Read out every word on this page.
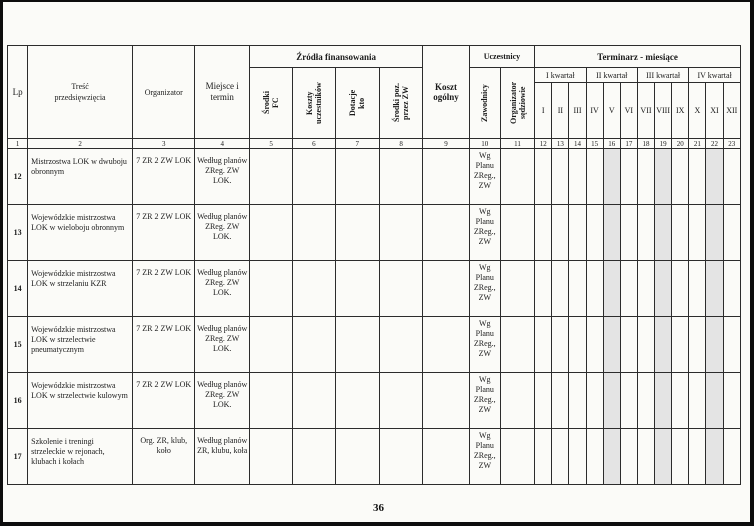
Lp	Treść przedsięwzięcia	Organizator	Miejsce i termin	Źródła finansowania				Koszt ogólny	Uczestnicy		Terminarz - miesiące											

				Środki FC	Koszty uczestników	Dotacje kto	Środki poz. przez ZW		Zawodnicy	Organizator sędziowie	I kwartał			II kwartał			III kwartał			IV kwartał		
											I	II	III	IV	V	VI	VII	VIII	IX	X	XI	XII
1	2	3	4	5	6	7	8	9	10	11	12	13	14	15	16	17	18	19	20	21	22	23
12	Mistrzostwa LOK w dwuboju obronnym	7 ZR 2 ZW LOK	Według planów ZReg. ZW LOK.						Wg Planu ZReg., ZW													
13	Wojewódzkie mistrzostwa LOK w wieloboju obronnym	7 ZR 2 ZW LOK	Według planów ZReg. ZW LOK.						Wg Planu ZReg., ZW													
14	Wojewódzkie mistrzostwa LOK w strzelaniu KZR	7 ZR 2 ZW LOK	Według planów ZReg. ZW LOK.						Wg Planu ZReg., ZW													
15	Wojewódzkie mistrzostwa LOK w strzelectwie pneumatycznym	7 ZR 2 ZW LOK	Według planów ZReg. ZW LOK.						Wg Planu ZReg., ZW													
16	Wojewódzkie mistrzostwa LOK w strzelectwie kulowym	7 ZR 2 ZW LOK	Według planów ZReg. ZW LOK.						Wg Planu ZReg., ZW													
17	Szkolenie i treningi strzeleckie w rejonach, klubach i kołach	Org. ZR, klub, koło	Według planów ZR, klubu, koła						Wg Planu ZReg., ZW													
36
